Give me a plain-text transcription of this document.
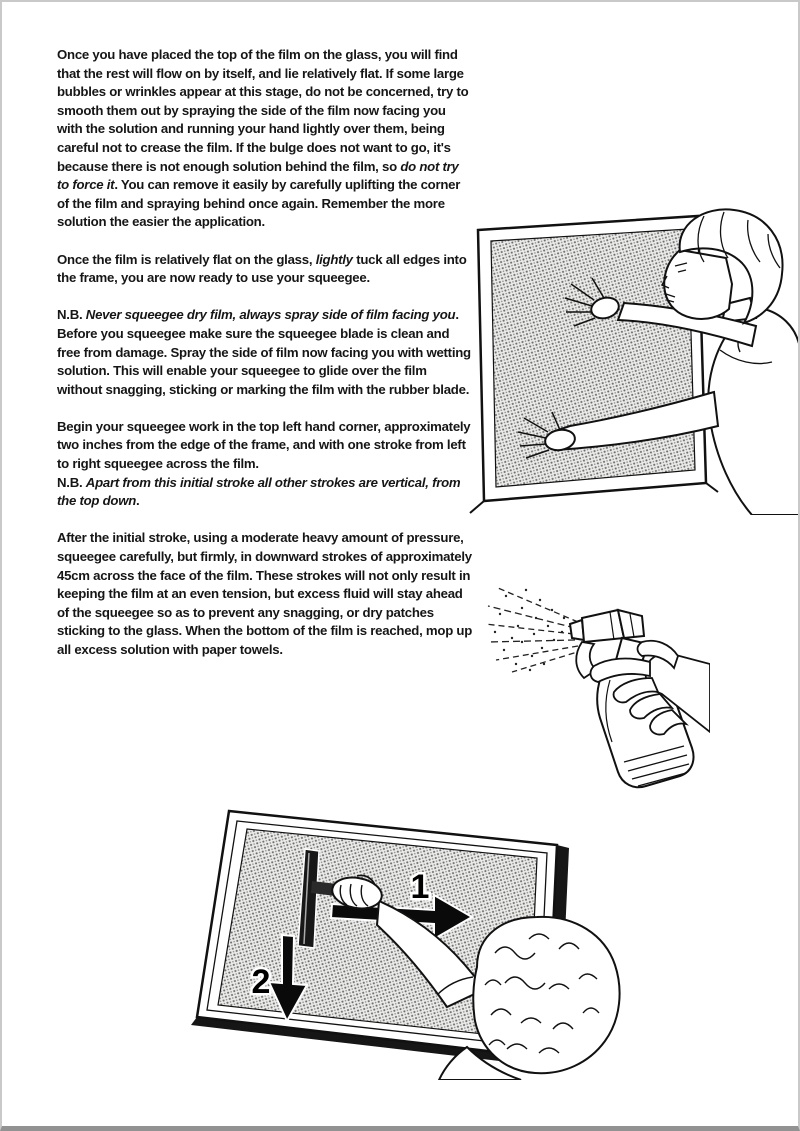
Once you have placed the top of the film on the glass, you will find that the rest will flow on by itself, and lie relatively flat. If some large bubbles or wrinkles appear at this stage, do not be concerned, try to smooth them out by spraying the side of the film now facing you with the solution and running your hand lightly over them, being careful not to crease the film. If the bulge does not want to go, it's because there is not enough solution behind the film, so do not try to force it. You can remove it easily by carefully uplifting the corner of the film and spraying behind once again. Remember the more solution the easier the application.

Once the film is relatively flat on the glass, lightly tuck all edges into the frame, you are now ready to use your squeegee.

N.B. Never squeegee dry film, always spray side of film facing you. Before you squeegee make sure the squeegee blade is clean and free from damage. Spray the side of film now facing you with wetting solution. This will enable your squeegee to glide over the film without snagging, sticking or marking the film with the rubber blade.

Begin your squeegee work in the top left hand corner, approximately two inches from the edge of the frame, and with one stroke from left to right squeegee across the film.

N.B. Apart from this initial stroke all other strokes are vertical, from the top down.

After the initial stroke, using a moderate heavy amount of pressure, squeegee carefully, but firmly, in downward strokes of approximately 45cm across the face of the film. These strokes will not only result in keeping the film at an even tension, but excess fluid will stay ahead of the squeegee so as to prevent any snagging, or dry patches sticking to the glass. When the bottom of the film is reached, mop up all excess solution with paper towels.

1
2
